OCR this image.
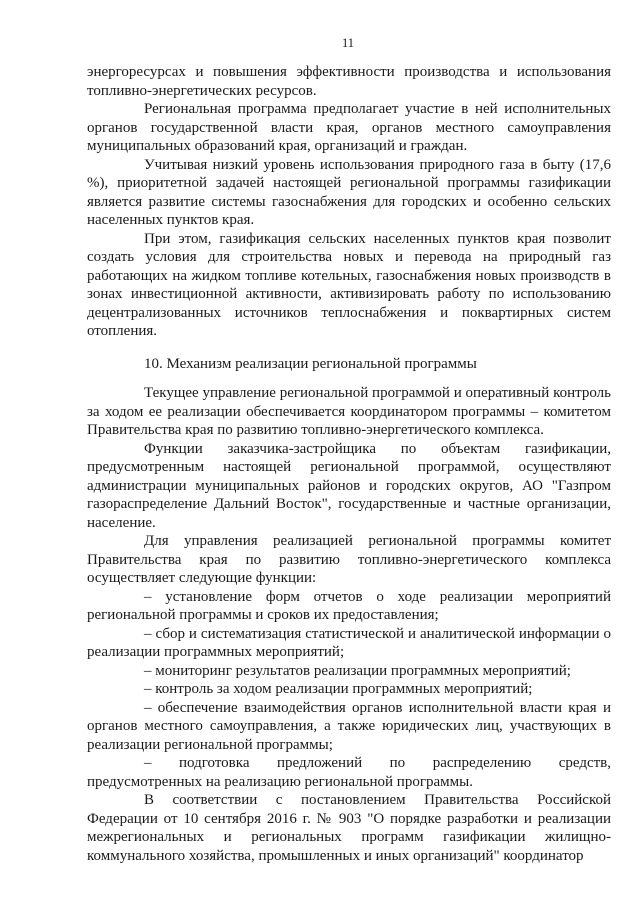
11

энергоресурсах и повышения эффективности производства и использования топливно-энергетических ресурсов.

Региональная программа предполагает участие в ней исполнительных органов государственной власти края, органов местного самоуправления муниципальных образований края, организаций и граждан.

Учитывая низкий уровень использования природного газа в быту (17,6 %), приоритетной задачей настоящей региональной программы газификации является развитие системы газоснабжения для городских и особенно сельских населенных пунктов края.

При этом, газификация сельских населенных пунктов края позволит создать условия для строительства новых и перевода на природный газ работающих на жидком топливе котельных, газоснабжения новых производств в зонах инвестиционной активности, активизировать работу по использованию децентрализованных источников теплоснабжения и поквартирных систем отопления.

10. Механизм реализации региональной программы

Текущее управление региональной программой и оперативный контроль за ходом ее реализации обеспечивается координатором программы – комитетом Правительства края по развитию топливно-энергетического комплекса.

Функции заказчика-застройщика по объектам газификации, предусмотренным настоящей региональной программой, осуществляют администрации муниципальных районов и городских округов, АО "Газпром газораспределение Дальний Восток", государственные и частные организации, население.

Для управления реализацией региональной программы комитет Правительства края по развитию топливно-энергетического комплекса осуществляет следующие функции:

– установление форм отчетов о ходе реализации мероприятий региональной программы и сроков их предоставления;

– сбор и систематизация статистической и аналитической информации о реализации программных мероприятий;

– мониторинг результатов реализации программных мероприятий;

– контроль за ходом реализации программных мероприятий;

– обеспечение взаимодействия органов исполнительной власти края и органов местного самоуправления, а также юридических лиц, участвующих в реализации региональной программы;

– подготовка предложений по распределению средств, предусмотренных на реализацию региональной программы.

В соответствии с постановлением Правительства Российской Федерации от 10 сентября 2016 г. № 903 "О порядке разработки и реализации межрегиональных и региональных программ газификации жилищно-коммунального хозяйства, промышленных и иных организаций" координатор
